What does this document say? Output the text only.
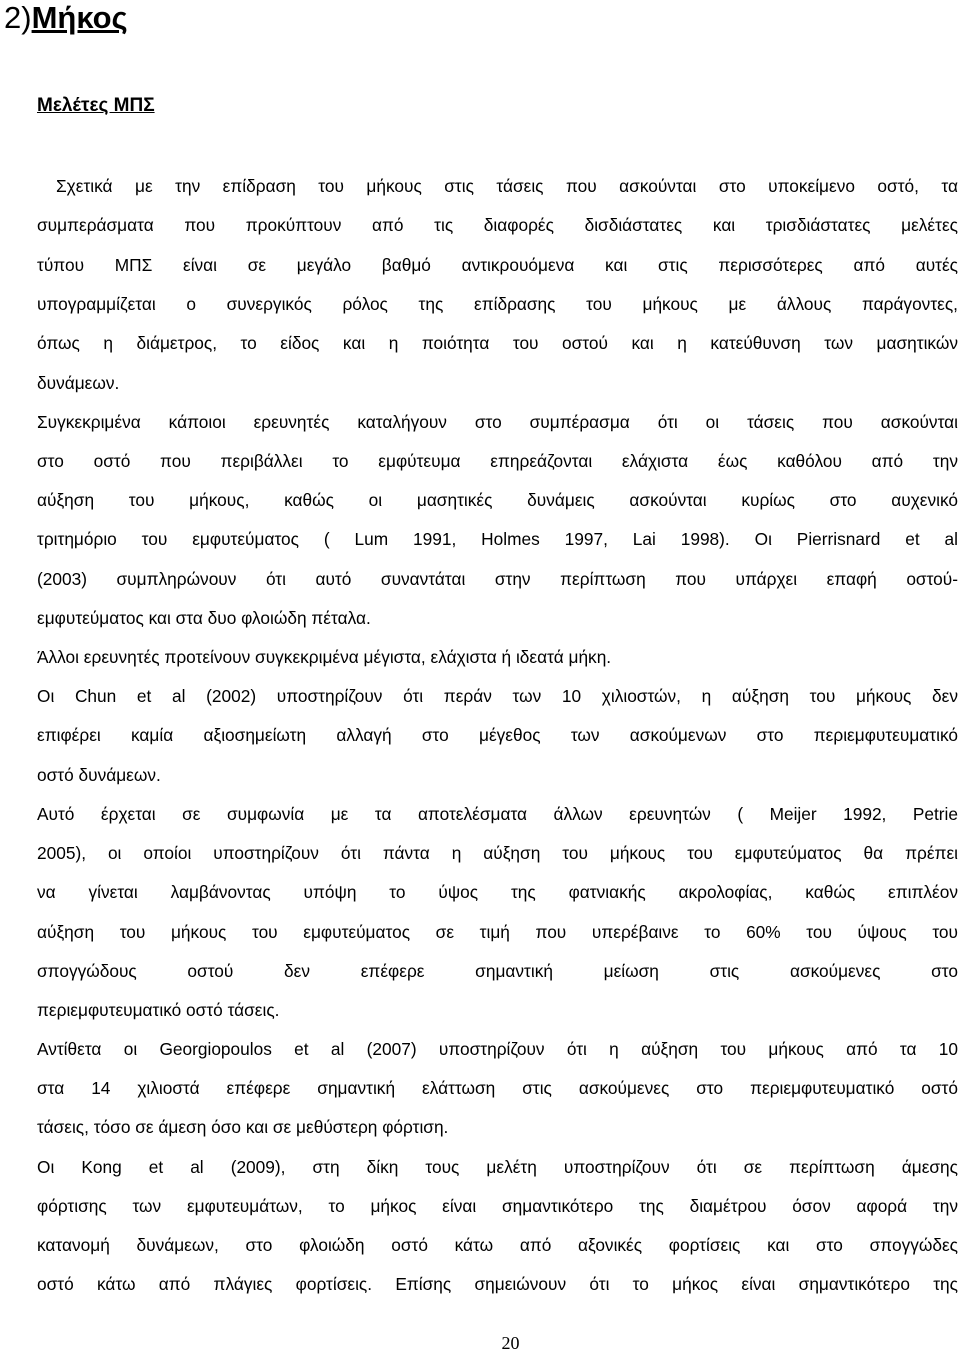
2)Μήκος
Μελέτες ΜΠΣ
Σχετικά με την επίδραση του μήκους στις τάσεις που ασκούνται στο υποκείμενο οστό, τα
συμπεράσματα που προκύπτουν από τις διαφορές δισδιάστατες και τρισδιάστατες μελέτες
τύπου ΜΠΣ είναι σε μεγάλο βαθμό αντικρουόμενα και στις περισσότερες από αυτές
υπογραμμίζεται ο συνεργικός ρόλος της επίδρασης του μήκους με άλλους παράγοντες,
όπως η διάμετρος, το είδος και η ποιότητα του οστού και η κατεύθυνση των μασητικών
δυνάμεων.
Συγκεκριμένα κάποιοι ερευνητές καταλήγουν στο συμπέρασμα ότι οι τάσεις που ασκούνται
στο οστό που περιβάλλει το εμφύτευμα επηρεάζονται ελάχιστα έως καθόλου από την
αύξηση του μήκους, καθώς οι μασητικές δυνάμεις ασκούνται κυρίως στο αυχενικό
τριτημόριο του εμφυτεύματος ( Lum 1991, Holmes 1997, Lai 1998). Οι Pierrisnard et al
(2003) συμπληρώνουν ότι αυτό συναντάται στην περίπτωση που υπάρχει επαφή οστού-
εμφυτεύματος και στα δυο φλοιώδη πέταλα.
Άλλοι ερευνητές προτείνουν συγκεκριμένα μέγιστα, ελάχιστα ή ιδεατά μήκη.
Οι Chun et al (2002) υποστηρίζουν ότι περάν των 10 χιλιοστών, η αύξηση του μήκους δεν
επιφέρει καμία αξιοσημείωτη αλλαγή στο μέγεθος των ασκούμενων στο περιεμφυτευματικό
οστό δυνάμεων.
Αυτό έρχεται σε συμφωνία με τα αποτελέσματα άλλων ερευνητών ( Meijer 1992, Petrie
2005), οι οποίοι υποστηρίζουν ότι πάντα η αύξηση του μήκους του εμφυτεύματος θα πρέπει
να γίνεται λαμβάνοντας υπόψη το ύψος της φατνιακής ακρολοφίας, καθώς επιπλέον
αύξηση του μήκους του εμφυτεύματος σε τιμή που υπερέβαινε το 60% του ύψους του
σπογγώδους οστού δεν επέφερε σημαντική μείωση στις ασκούμενες στο
περιεμφυτευματικό οστό τάσεις.
Αντίθετα οι Georgiopoulos et al (2007) υποστηρίζουν ότι η αύξηση του μήκους από τα 10
στα 14 χιλιοστά επέφερε σημαντική ελάττωση στις ασκούμενες στο περιεμφυτευματικό οστό
τάσεις, τόσο σε άμεση όσο και σε μεθύστερη φόρτιση.
Οι Kong et al (2009), στη δίκη τους μελέτη υποστηρίζουν ότι σε περίπτωση άμεσης
φόρτισης των εμφυτευμάτων, το μήκος είναι σημαντικότερο της διαμέτρου όσον αφορά την
κατανομή δυνάμεων, στο φλοιώδη οστό κάτω από αξονικές φορτίσεις και στο σπογγώδες
οστό κάτω από πλάγιες φορτίσεις. Επίσης σημειώνουν ότι το μήκος είναι σημαντικότερο της
20
